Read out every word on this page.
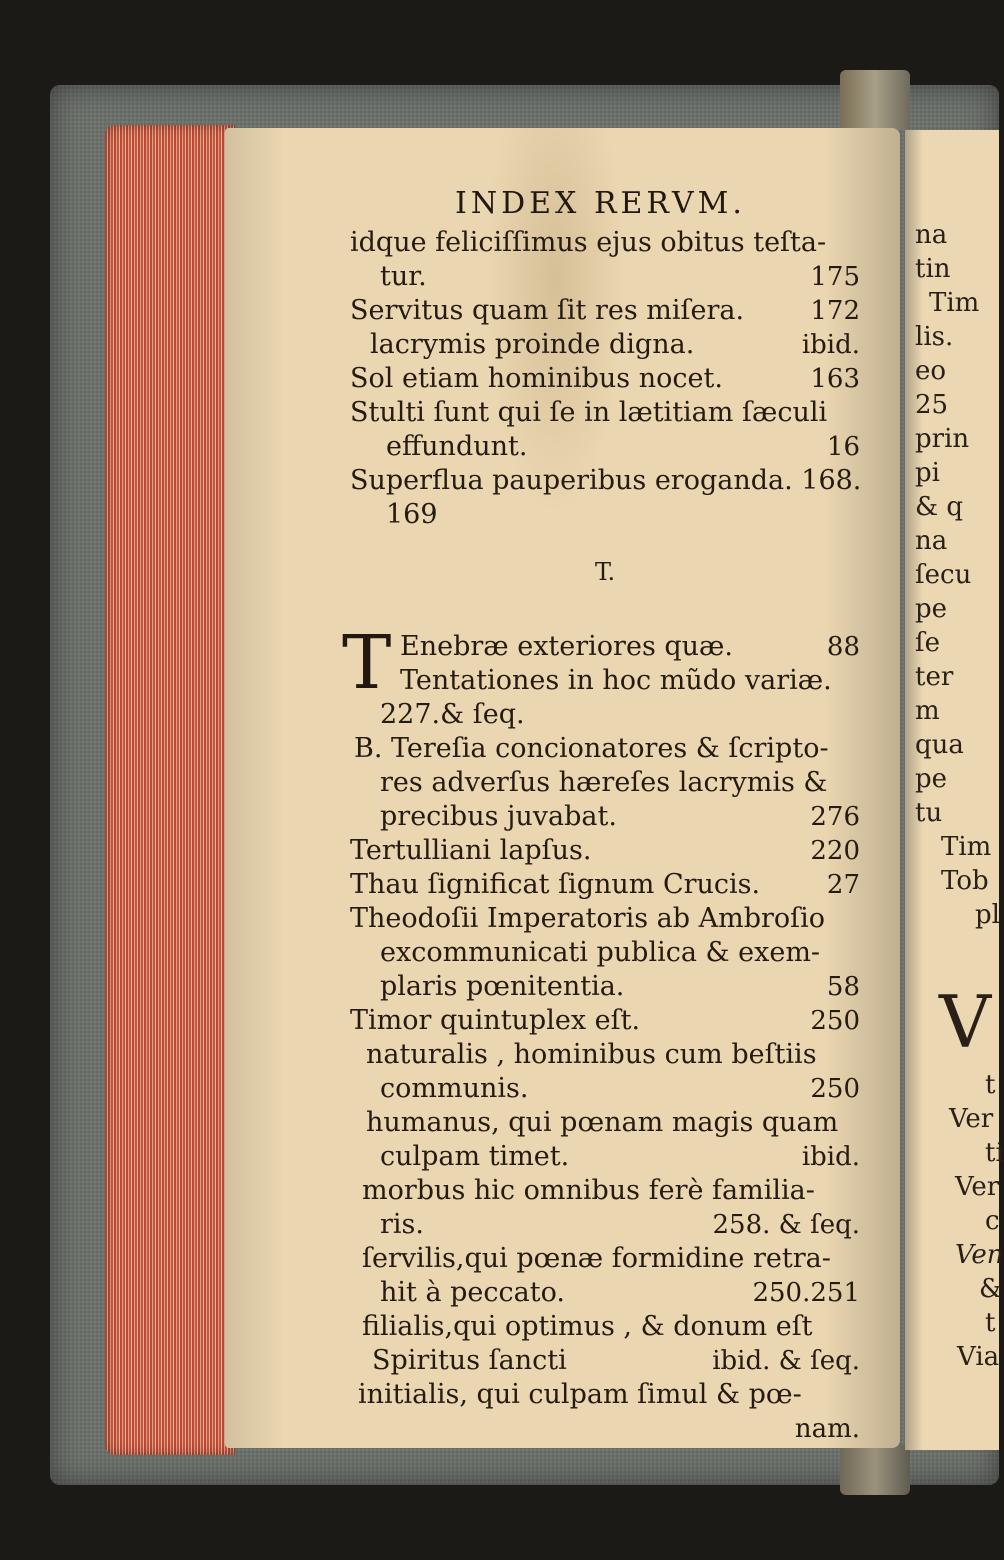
na
tin
Tim
lis.
eo
25
prin
pi
& q
na
ſecu
pe
ſe
ter
m
qua
pe
tu
Tim
Tob
pl
V
t
Ver
ti
Ver
c
Ven
&
t
Via
INDEX RERVM.
idque feliciſſimus ejus obitus teſta-
tur.	175
Servitus quam ſit res miſera.	172
lacrymis proinde digna.	ibid.
Sol etiam hominibus nocet.	163
Stulti ſunt qui ſe in lætitiam ſæculi
effundunt.	16
Superflua pauperibus eroganda. 168.
169
T.
T Enebræ exteriores quæ.	88
Tentationes in hoc mũdo variæ.
227.& ſeq.
B. Tereſia concionatores & ſcripto-
res adverſus hæreſes lacrymis &
precibus juvabat.	276
Tertulliani lapſus.	220
Thau ſignificat ſignum Crucis.	27
Theodoſii Imperatoris ab Ambroſio
excommunicati publica & exem-
plaris pœnitentia.	58
Timor quintuplex eſt.	250
naturalis , hominibus cum beſtiis
communis.	250
humanus, qui pœnam magis quam
culpam timet.	ibid.
morbus hic omnibus ferè familia-
ris.	258. & ſeq.
ſervilis,qui pœnæ formidine retra-
hit à peccato.	250.251
filialis,qui optimus , & donum eſt
Spiritus ſancti	ibid. & ſeq.
initialis, qui culpam ſimul & pœ-
nam.
